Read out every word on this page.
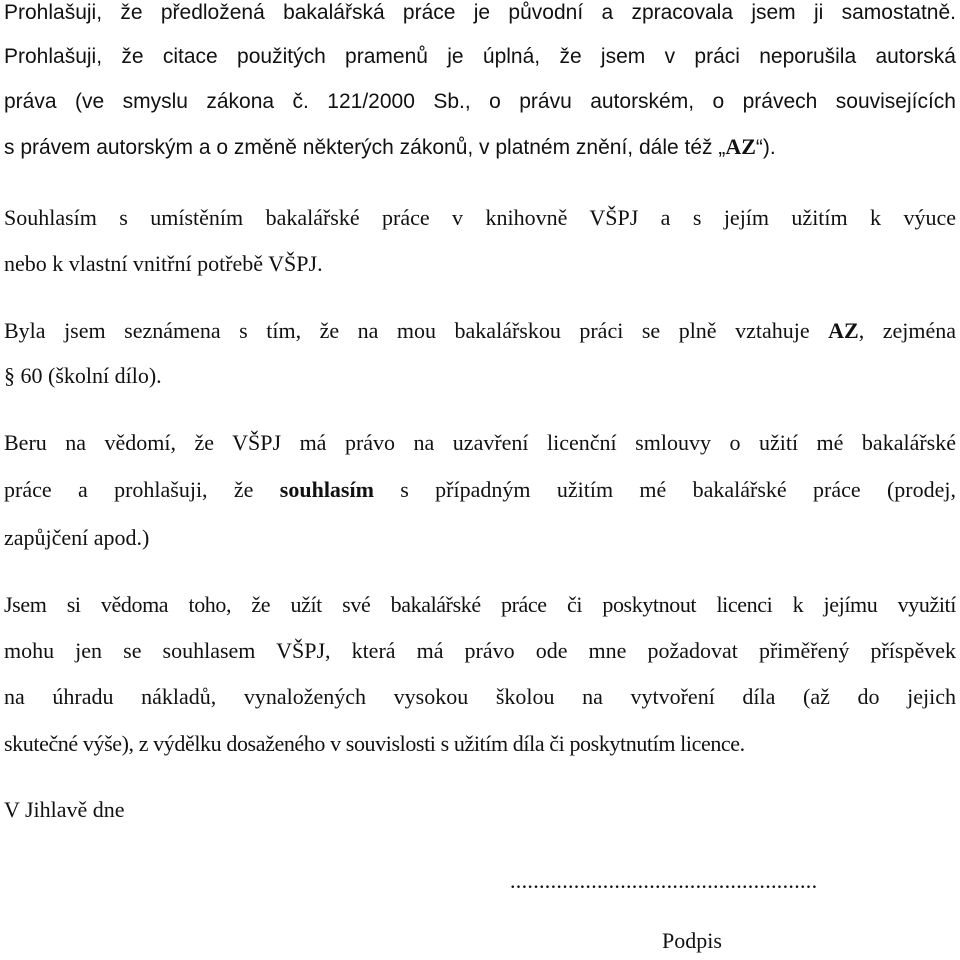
Prohlašuji, že předložená bakalářská práce je původní a zpracovala jsem ji samostatně.
Prohlašuji, že citace použitých pramenů je úplná, že jsem v práci neporušila autorská
práva (ve smyslu zákona č. 121/2000 Sb., o právu autorském, o právech souvisejících
s právem autorským a o změně některých zákonů, v platném znění, dále též „AZ“).
Souhlasím s umístěním bakalářské práce v knihovně VŠPJ a s jejím užitím k výuce
nebo k vlastní vnitřní potřebě VŠPJ.
Byla jsem seznámena s tím, že na mou bakalářskou práci se plně vztahuje AZ, zejména
§ 60 (školní dílo).
Beru na vědomí, že VŠPJ má právo na uzavření licenční smlouvy o užití mé bakalářské
práce a prohlašuji, že souhlasím s případným užitím mé bakalářské práce (prodej,
zapůjčení apod.)
Jsem si vědoma toho, že užít své bakalářské práce či poskytnout licenci k jejímu využití
mohu jen se souhlasem VŠPJ, která má právo ode mne požadovat přiměřený příspěvek
na úhradu nákladů, vynaložených vysokou školou na vytvoření díla (až do jejich
skutečné výše), z výdělku dosaženého v souvislosti s užitím díla či poskytnutím licence.
V Jihlavě dne
.....................................................
Podpis
